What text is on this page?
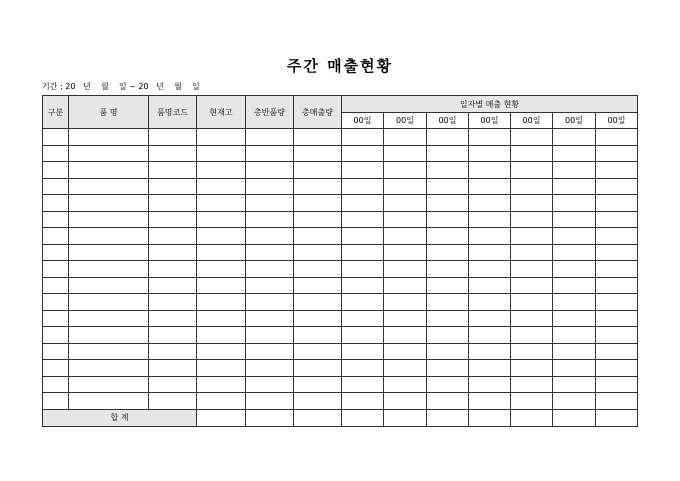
주간 매출현황
기간 : 20   년    월    일 ~ 20   년    월    일
구분	품 명	품명코드	현재고	총반품량	총매출량	일자별 매출 현황						
						00일	00일	00일	00일	00일	00일	00일

합 계												
